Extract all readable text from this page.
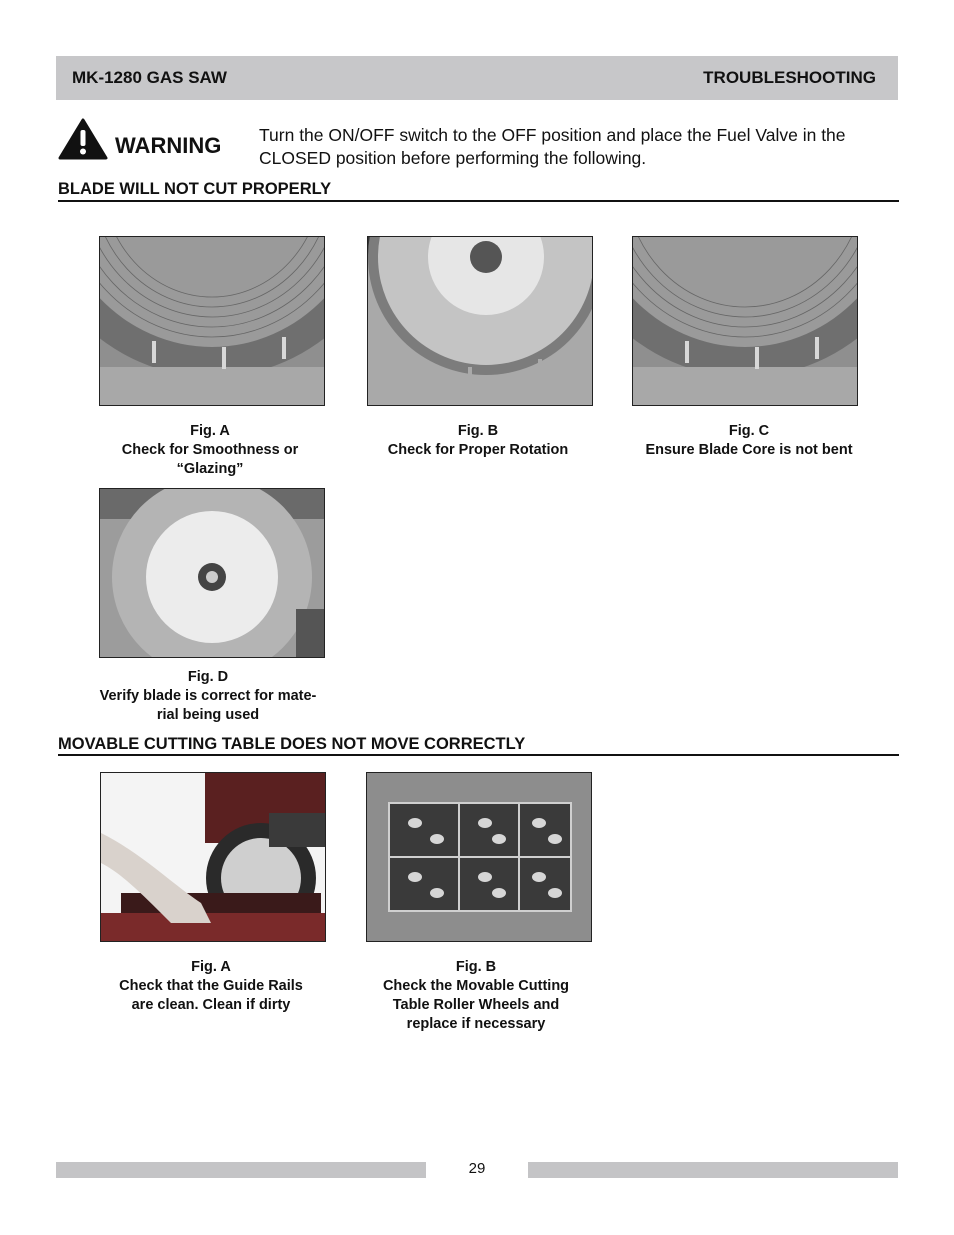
MK-1280 GAS SAW	TROUBLESHOOTING
WARNING Turn the ON/OFF switch to the OFF position and place the Fuel Valve in the CLOSED position before performing the following.
BLADE WILL NOT CUT PROPERLY
Fig. A
Check for Smoothness or
“Glazing”
Fig. B
Check for Proper Rotation
Fig. C
Ensure Blade Core is not bent
Fig. D
Verify blade is correct for mate-
rial being used
MOVABLE CUTTING TABLE DOES NOT MOVE CORRECTLY
Fig. A
Check that the Guide Rails
are clean. Clean if dirty
Fig. B
Check the Movable Cutting
Table Roller Wheels and
replace if necessary
29
